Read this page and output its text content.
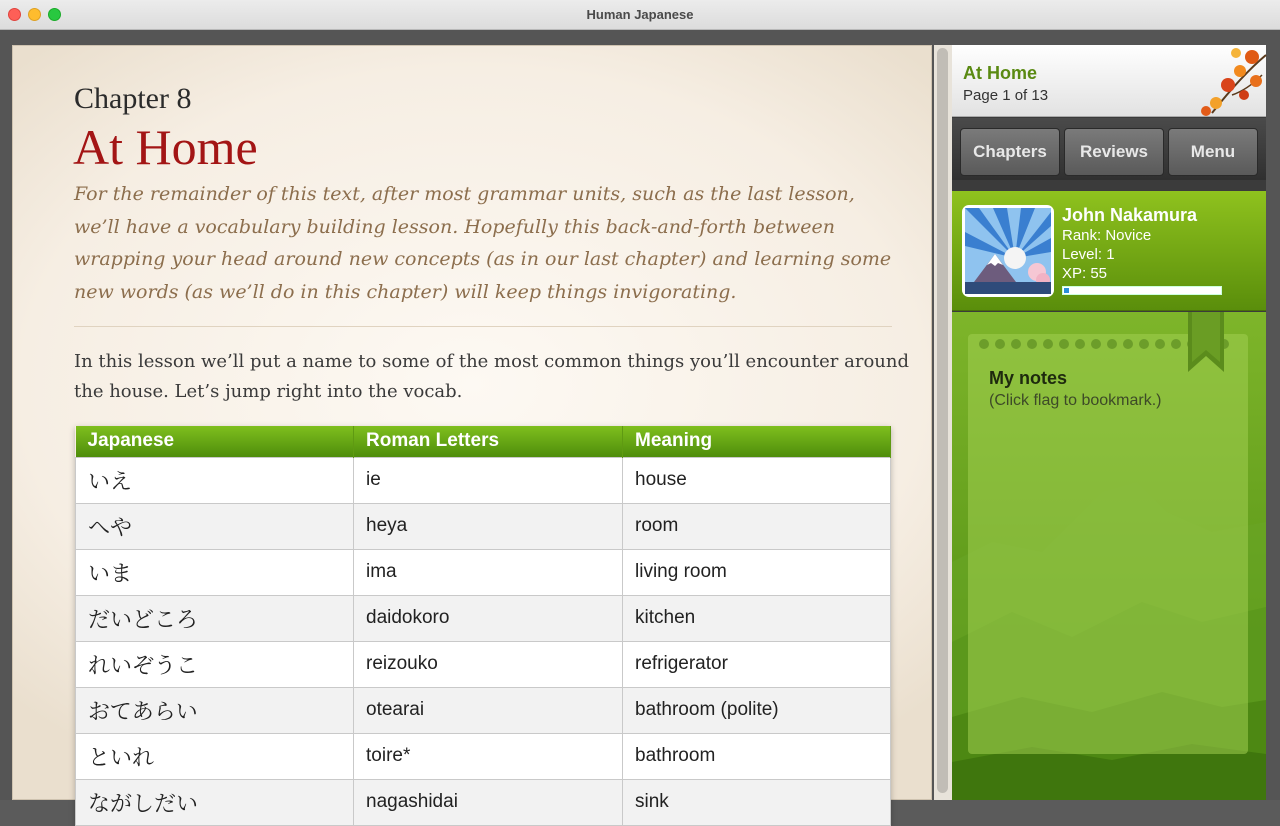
Human Japanese
Chapter 8
At Home
For the remainder of this text, after most grammar units, such as the last lesson, we’ll have a vocabulary building lesson. Hopefully this back-and-forth between wrapping your head around new concepts (as in our last chapter) and learning some new words (as we’ll do in this chapter) will keep things invigorating.
In this lesson we’ll put a name to some of the most common things you’ll encounter around the house. Let’s jump right into the vocab.
Japanese	Roman Letters	Meaning
いえ	ie	house
へや	heya	room
いま	ima	living room
だいどころ	daidokoro	kitchen
れいぞうこ	reizouko	refrigerator
おてあらい	otearai	bathroom (polite)
といれ	toire*	bathroom
ながしだい	nagashidai	sink
At Home
Page 1 of 13
Chapters	Reviews	Menu
John Nakamura
Rank: Novice
Level: 1
XP: 55
My notes
(Click flag to bookmark.)
